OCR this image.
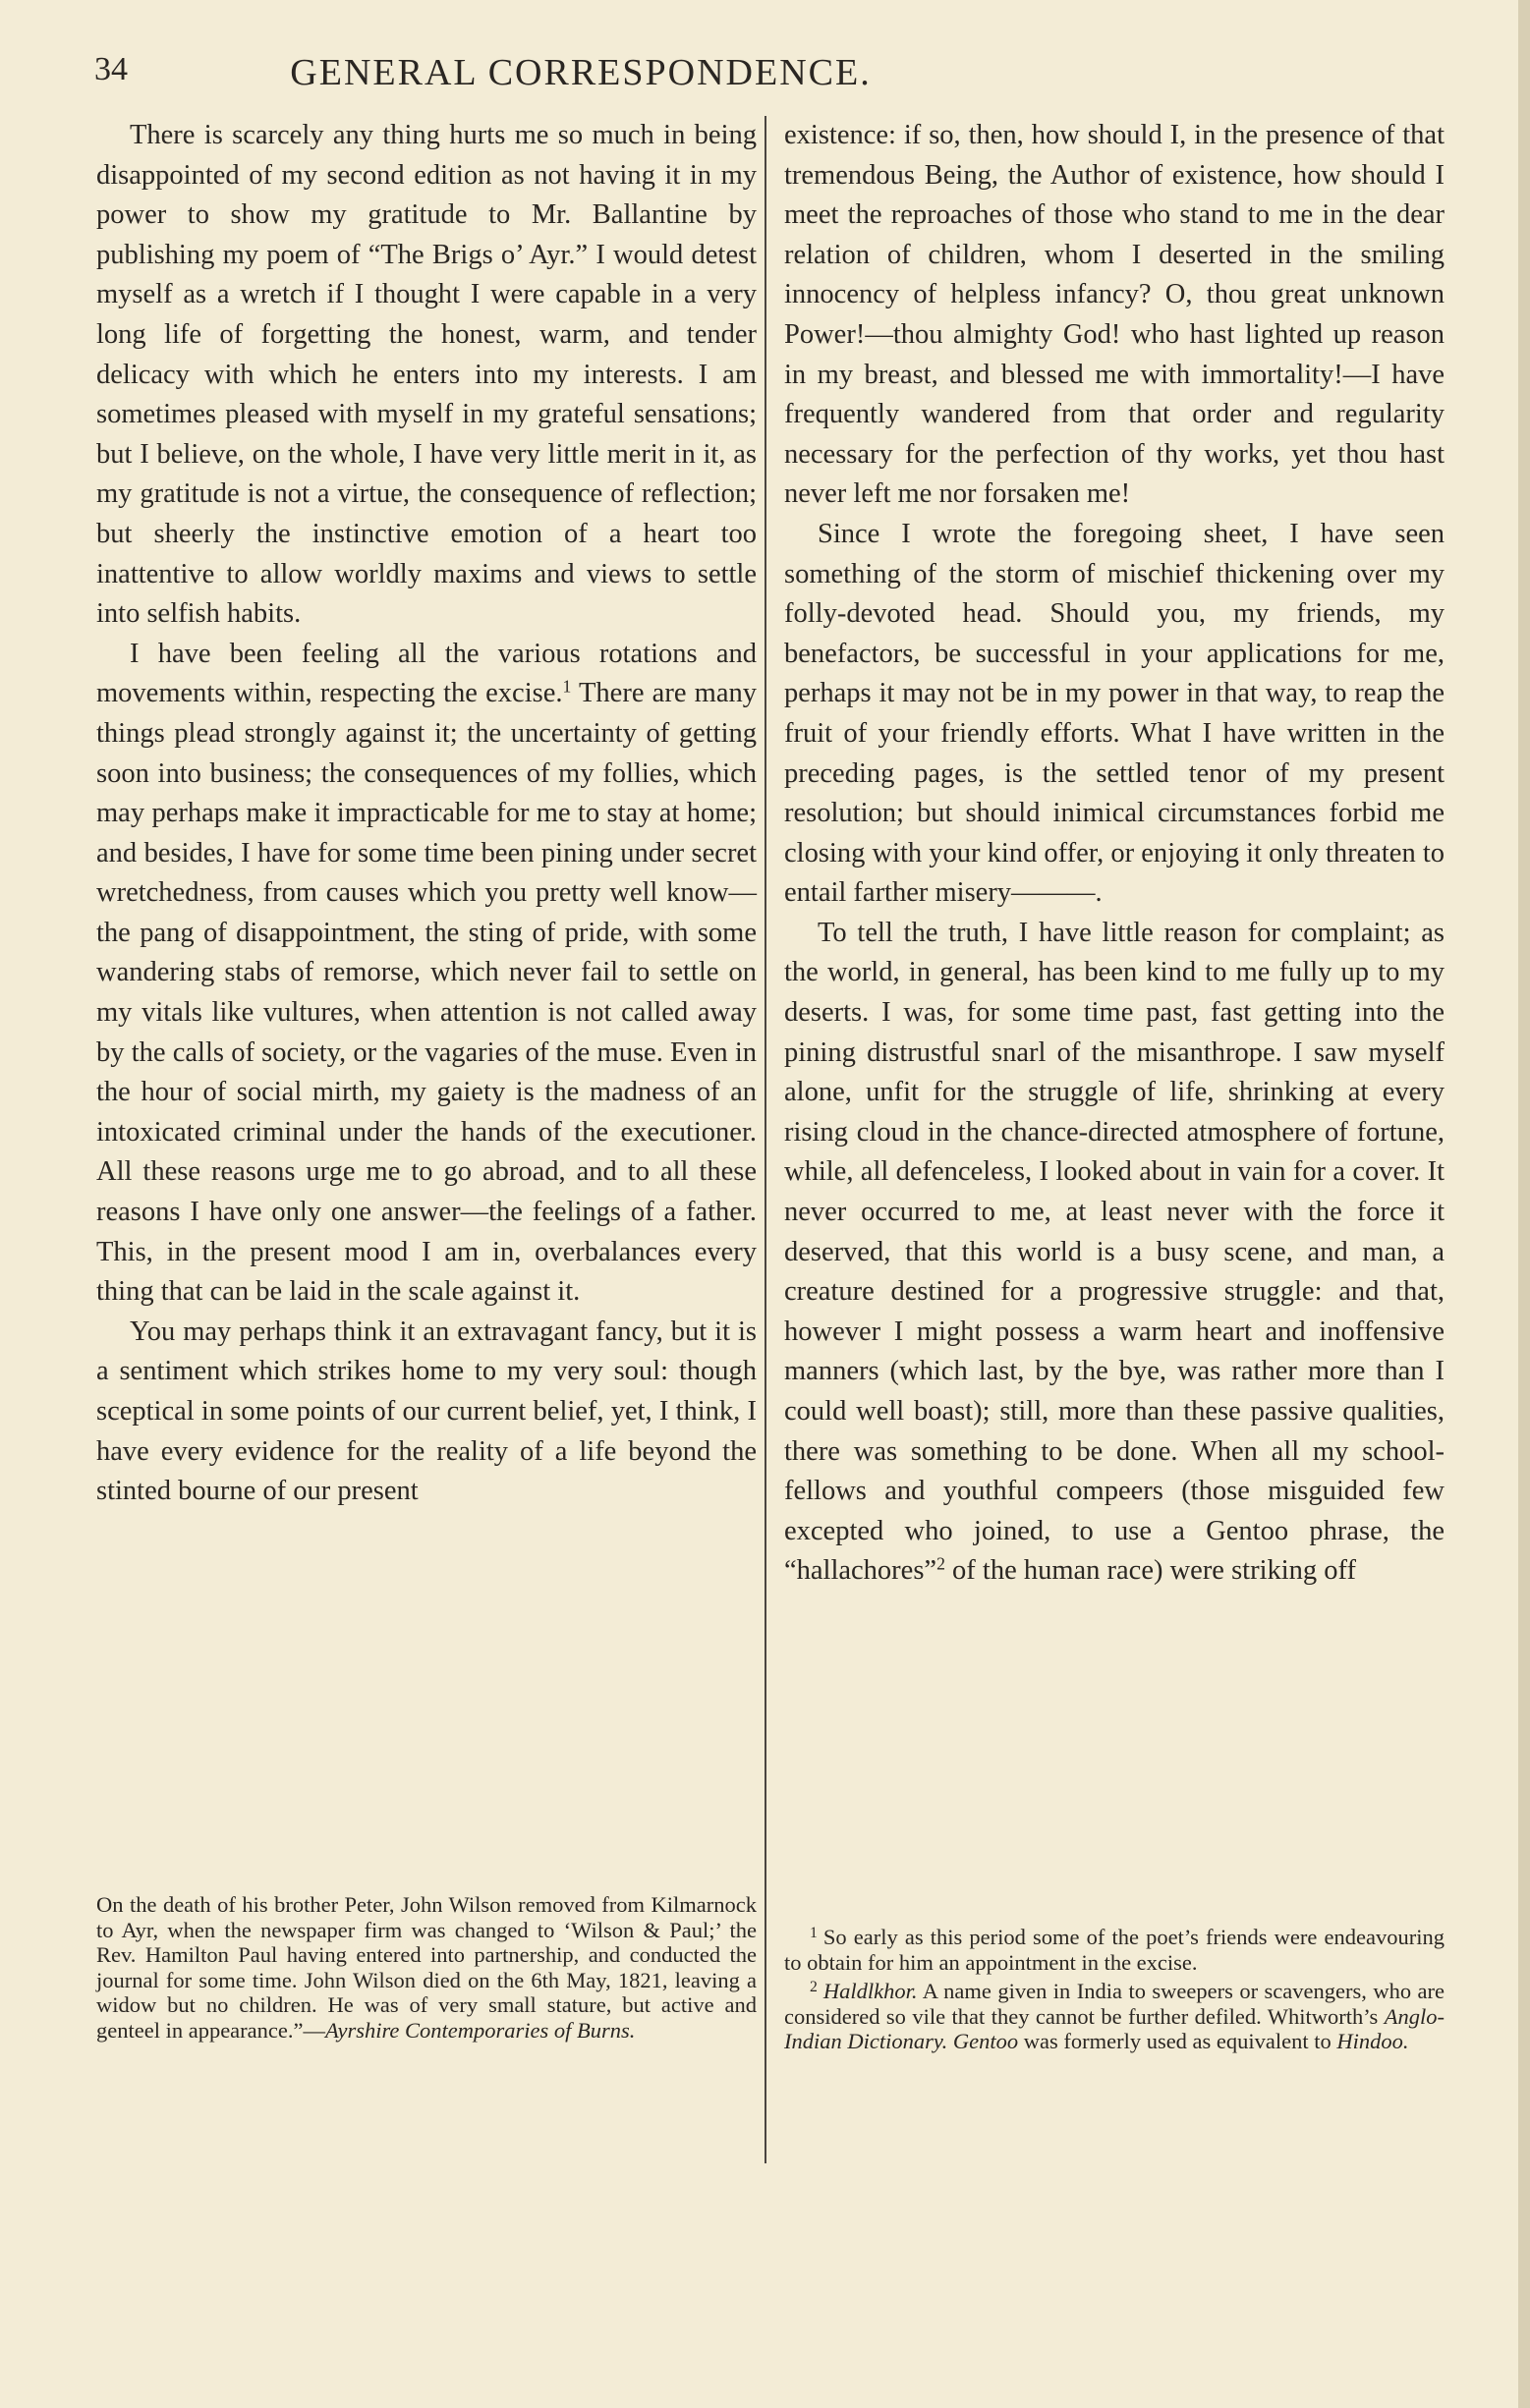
34	GENERAL CORRESPONDENCE.

There is scarcely any thing hurts me so much in being disappointed of my second edition as not having it in my power to show my gratitude to Mr. Ballantine by publishing my poem of “The Brigs o’ Ayr.” I would detest myself as a wretch if I thought I were capable in a very long life of forgetting the honest, warm, and tender delicacy with which he enters into my interests. I am sometimes pleased with myself in my grateful sensations; but I believe, on the whole, I have very little merit in it, as my gratitude is not a virtue, the consequence of reflection; but sheerly the instinctive emotion of a heart too inattentive to allow worldly maxims and views to settle into selfish habits.

I have been feeling all the various rotations and movements within, respecting the excise.$^1$ There are many things plead strongly against it; the uncertainty of getting soon into business; the consequences of my follies, which may perhaps make it impracticable for me to stay at home; and besides, I have for some time been pining under secret wretchedness, from causes which you pretty well know—the pang of disappointment, the sting of pride, with some wandering stabs of remorse, which never fail to settle on my vitals like vultures, when attention is not called away by the calls of society, or the vagaries of the muse. Even in the hour of social mirth, my gaiety is the madness of an intoxicated criminal under the hands of the executioner. All these reasons urge me to go abroad, and to all these reasons I have only one answer—the feelings of a father. This, in the present mood I am in, overbalances every thing that can be laid in the scale against it.

You may perhaps think it an extravagant fancy, but it is a sentiment which strikes home to my very soul: though sceptical in some points of our current belief, yet, I think, I have every evidence for the reality of a life beyond the stinted bourne of our present

existence: if so, then, how should I, in the presence of that tremendous Being, the Author of existence, how should I meet the reproaches of those who stand to me in the dear relation of children, whom I deserted in the smiling innocency of helpless infancy? O, thou great unknown Power!—thou almighty God! who hast lighted up reason in my breast, and blessed me with immortality!—I have frequently wandered from that order and regularity necessary for the perfection of thy works, yet thou hast never left me nor forsaken me!

Since I wrote the foregoing sheet, I have seen something of the storm of mischief thickening over my folly-devoted head. Should you, my friends, my benefactors, be successful in your applications for me, perhaps it may not be in my power in that way, to reap the fruit of your friendly efforts. What I have written in the preceding pages, is the settled tenor of my present resolution; but should inimical circumstances forbid me closing with your kind offer, or enjoying it only threaten to entail farther misery———.

To tell the truth, I have little reason for complaint; as the world, in general, has been kind to me fully up to my deserts. I was, for some time past, fast getting into the pining distrustful snarl of the misanthrope. I saw myself alone, unfit for the struggle of life, shrinking at every rising cloud in the chance-directed atmosphere of fortune, while, all defenceless, I looked about in vain for a cover. It never occurred to me, at least never with the force it deserved, that this world is a busy scene, and man, a creature destined for a progressive struggle: and that, however I might possess a warm heart and inoffensive manners (which last, by the bye, was rather more than I could well boast); still, more than these passive qualities, there was something to be done. When all my school-fellows and youthful compeers (those misguided few excepted who joined, to use a Gentoo phrase, the “hallachores”$^2$ of the human race) were striking off

On the death of his brother Peter, John Wilson removed from Kilmarnock to Ayr, when the newspaper firm was changed to ‘Wilson & Paul;’ the Rev. Hamilton Paul having entered into partnership, and conducted the journal for some time. John Wilson died on the 6th May, 1821, leaving a widow but no children. He was of very small stature, but active and genteel in appearance.”—Ayrshire Contemporaries of Burns.

$^1$ So early as this period some of the poet’s friends were endeavouring to obtain for him an appointment in the excise.

$^2$ Haldlkhor. A name given in India to sweepers or scavengers, who are considered so vile that they cannot be further defiled. Whitworth’s Anglo-Indian Dictionary. Gentoo was formerly used as equivalent to Hindoo.
